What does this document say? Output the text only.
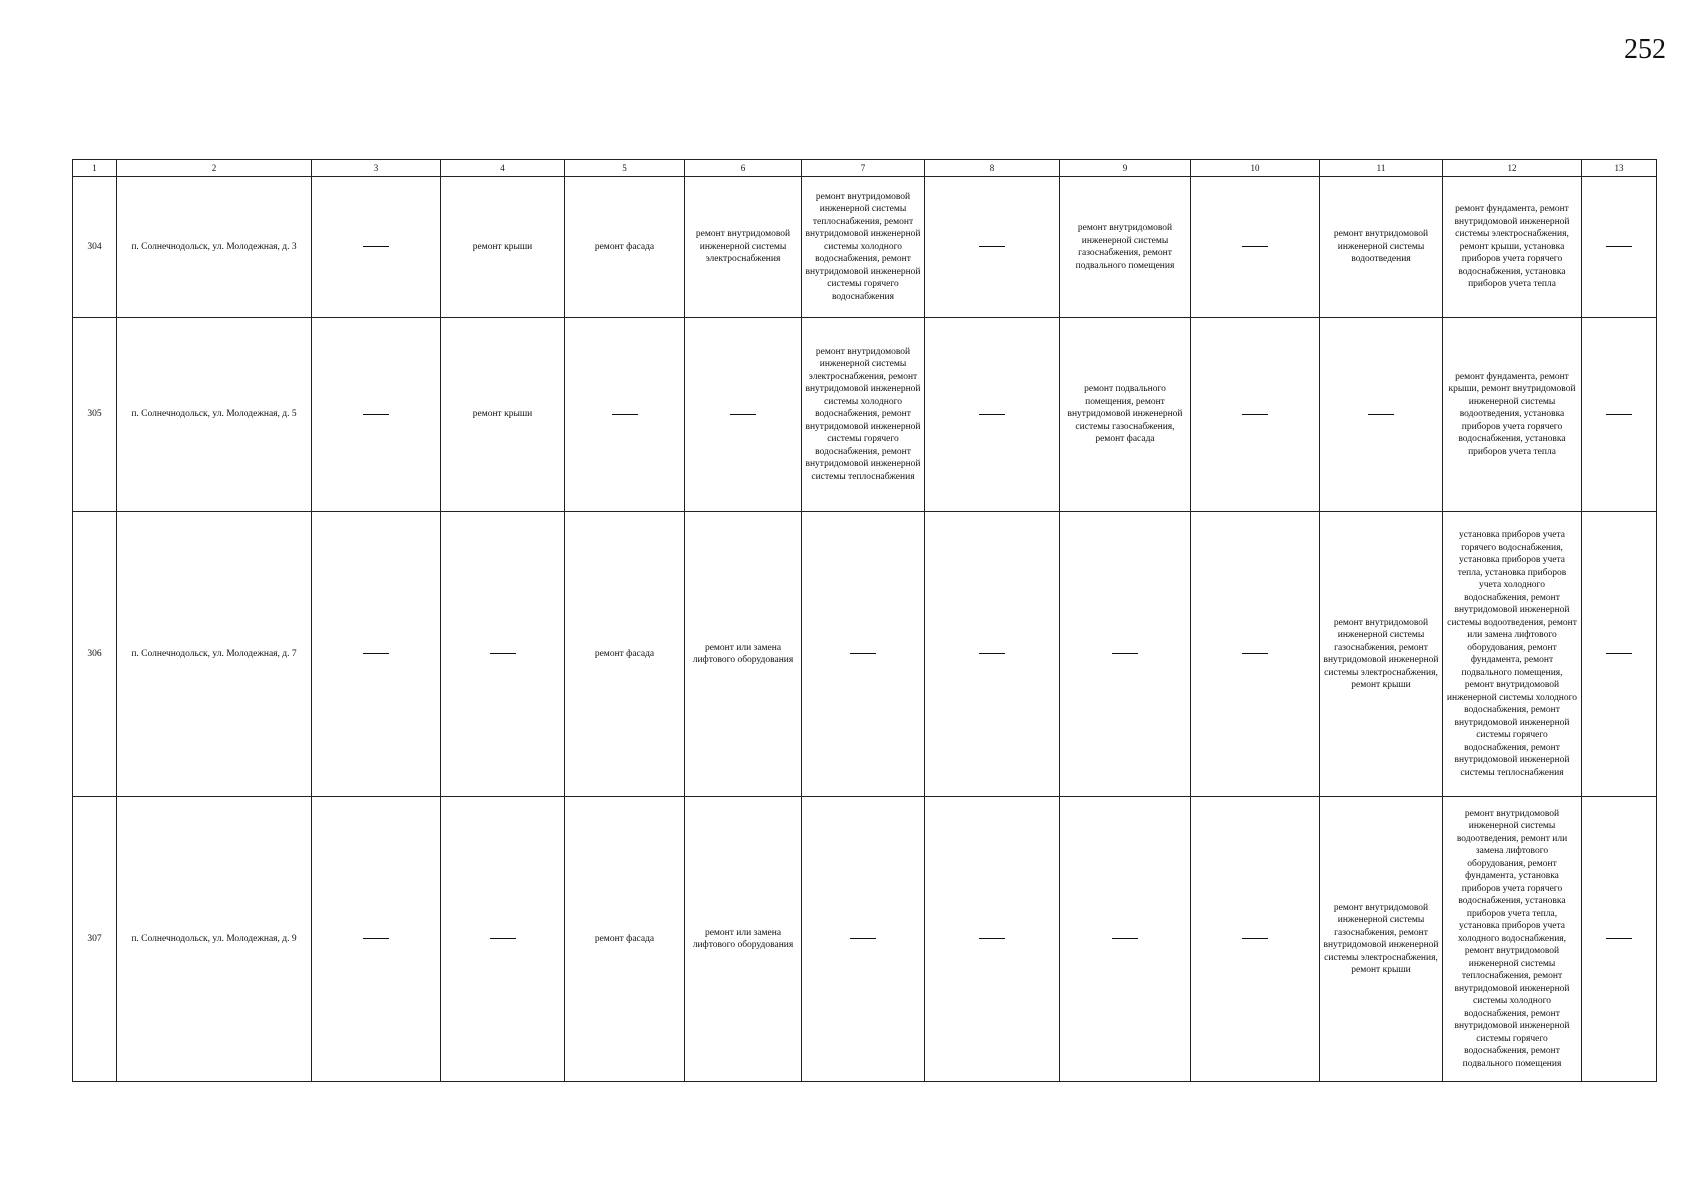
252
1	2	3	4	5	6	7	8	9	10	11	12	13
304	п. Солнечнодольск, ул. Молодежная, д. 3		ремонт крыши	ремонт фасада	ремонт внутридомовой инженерной системы электроснабжения	ремонт внутридомовой инженерной системы теплоснабжения, ремонт внутридомовой инженерной системы холодного водоснабжения, ремонт внутридомовой инженерной системы горячего водоснабжения		ремонт внутридомовой инженерной системы газоснабжения, ремонт подвального помещения		ремонт внутридомовой инженерной системы водоотведения	ремонт фундамента, ремонт внутридомовой инженерной системы электроснабжения, ремонт крыши, установка приборов учета горячего водоснабжения, установка приборов учета тепла	
305	п. Солнечнодольск, ул. Молодежная, д. 5		ремонт крыши			ремонт внутридомовой инженерной системы электроснабжения, ремонт внутридомовой инженерной системы холодного водоснабжения, ремонт внутридомовой инженерной системы горячего водоснабжения, ремонт внутридомовой инженерной системы теплоснабжения		ремонт подвального помещения, ремонт внутридомовой инженерной системы газоснабжения, ремонт фасада			ремонт фундамента, ремонт крыши, ремонт внутридомовой инженерной системы водоотведения, установка приборов учета горячего водоснабжения, установка приборов учета тепла	
306	п. Солнечнодольск, ул. Молодежная, д. 7			ремонт фасада	ремонт или замена лифтового оборудования					ремонт внутридомовой инженерной системы газоснабжения, ремонт внутридомовой инженерной системы электроснабжения, ремонт крыши	установка приборов учета горячего водоснабжения, установка приборов учета тепла, установка приборов учета холодного водоснабжения, ремонт внутридомовой инженерной системы водоотведения, ремонт или замена лифтового оборудования, ремонт фундамента, ремонт подвального помещения, ремонт внутридомовой инженерной системы холодного водоснабжения, ремонт внутридомовой инженерной системы горячего водоснабжения, ремонт внутридомовой инженерной системы теплоснабжения	
307	п. Солнечнодольск, ул. Молодежная, д. 9			ремонт фасада	ремонт или замена лифтового оборудования					ремонт внутридомовой инженерной системы газоснабжения, ремонт внутридомовой инженерной системы электроснабжения, ремонт крыши	ремонт внутридомовой инженерной системы водоотведения, ремонт или замена лифтового оборудования, ремонт фундамента, установка приборов учета горячего водоснабжения, установка приборов учета тепла, установка приборов учета холодного водоснабжения, ремонт внутридомовой инженерной системы теплоснабжения, ремонт внутридомовой инженерной системы холодного водоснабжения, ремонт внутридомовой инженерной системы горячего водоснабжения, ремонт подвального помещения	
